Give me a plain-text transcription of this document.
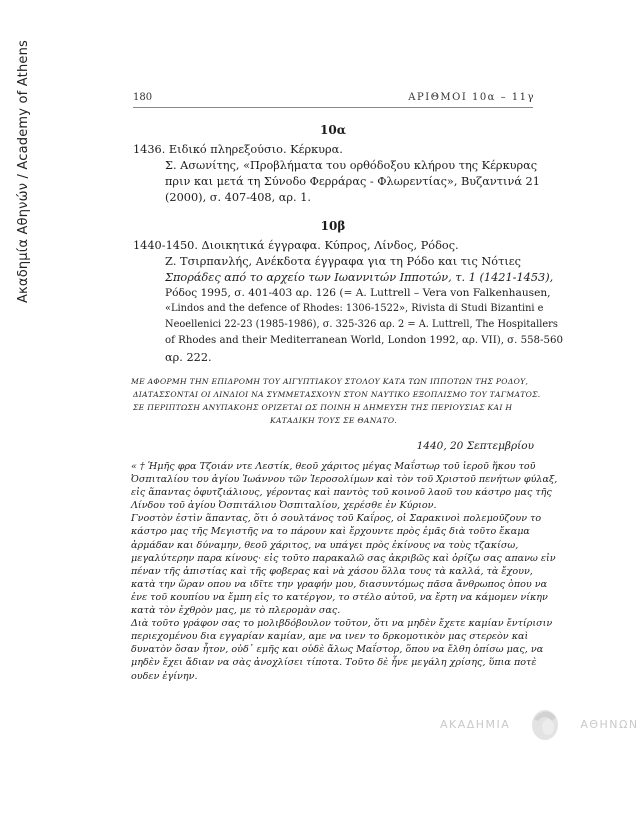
Ακαδημία Αθηνών / Academy of Athens	180	ΑΡΙΘΜΟΙ 10α – 11γ
10α
1436. Ειδικό πληρεξούσιο. Κέρκυρα.
Σ. Ασωνίτης, «Προβλήματα του ορθόδοξου κλήρου της Κέρκυρας
πριν και μετά τη Σύνοδο Φερράρας - Φλωρεντίας», Βυζαντινά 21
(2000), σ. 407-408, αρ. 1.
10β
1440-1450. Διοικητικά έγγραφα. Κύπρος, Λίνδος, Ρόδος.
Ζ. Τσιρπανλής, Ανέκδοτα έγγραφα για τη Ρόδο και τις Νότιες
Σποράδες από το αρχείο των Ιωαννιτών Ιπποτών, τ. 1 (1421-1453),
Ρόδος 1995, σ. 401-403 αρ. 126 (= A. Luttrell – Vera von Falkenhausen,
«Lindos and the defence of Rhodes: 1306-1522», Rivista di Studi Bizantini e
Neoellenici 22-23 (1985-1986), σ. 325-326 αρ. 2 = A. Luttrell, The Hospitallers
of Rhodes and their Mediterranean World, London 1992, αρ. VII), σ. 558-560
αρ. 222.
ΜΕ ΑΦΟΡΜΗ ΤΗΝ ΕΠΙΔΡΟΜΗ ΤΟΥ ΑΙΓΥΠΤΙΑΚΟΥ ΣΤΟΛΟΥ ΚΑΤΑ ΤΩΝ ΙΠΠΟΤΩΝ ΤΗΣ ΡΟΔΟΥ,
ΔΙΑΤΑΣΣΟΝΤΑΙ ΟΙ ΛΙΝΔΙΟΙ ΝΑ ΣΥΜΜΕΤΑΣΧΟΥΝ ΣΤΟΝ ΝΑΥΤΙΚΟ ΕΞΟΠΛΙΣΜΟ ΤΟΥ ΤΑΓΜΑΤΟΣ.
ΣΕ ΠΕΡΙΠΤΩΣΗ ΑΝΥΠΑΚΟΗΣ ΟΡΙΖΕΤΑΙ ΩΣ ΠΟΙΝΗ Η ΔΗΜΕΥΣΗ ΤΗΣ ΠΕΡΙΟΥΣΙΑΣ ΚΑΙ Η
ΚΑΤΑΔΙΚΗ ΤΟΥΣ ΣΕ ΘΑΝΑΤΟ.
1440, 20 Σεπτεμβρίου
« † Ἡμῆς φρα Τζοιάν ντε Λεστίκ, θεοῦ χάριτος μέγας Μαΐστωρ τοῦ ἱεροῦ ἥκου τοῦ
Ὀσπιταλίου του ἁγίου Ἰωάννου τῶν Ἱεροσολίμων καὶ τὸν τοῦ Χριστοῦ πενήτων φύλαξ,
εἰς ἅπαντας ὀφυτζιάλιους, γέροντας καὶ παντὸς τοῦ κοινοῦ λαοῦ του κάστρο μας τῆς
Λίνδου τοῦ ἁγίου Ὀσπιτάλιου Ὀσπιταλίου, χερέσθε ἐν Κύριον.
Γνοστὸν ἐστὶν ἅπαντας, ὅτι ὁ σουλτάνος τοῦ Καΐρος, οἱ Σαρακινοὶ πολεμοῦζουν το
κάστρο μας τῆς Μεγιστῆς να το πάρουν καὶ ἔρχουντε πρὸς ἐμᾶς διὰ τοῦτο ἔκαμα
ἀρμάδαν και δύναμην, θεοῦ χάριτος, να υπάγει πρὸς ἐκίνους να τοὺς τζακίσω,
μεγαλύτερην παρα κίνους· εἰς τοῦτο παρακαλῶ σας ἀκριβῶς καὶ ὁρίζω σας απανω εἰν
πέναν τῆς ἀπιστίας καὶ τῆς φοβερας καὶ νὰ χάσου ὅλλα τους τὰ καλλά, τὰ ἔχουν,
κατὰ την ὥραν οπου να ιδῖτε την γραφήν μου, διασυντόμως πᾶσα ἄνθρωπος ὁπου να
ἐνε τοῦ κουπίου να ἔμπη εἰς το κατέργον, το στέλο αὐτοῦ, να ἔρτη να κάμομεν νίκην
κατὰ τὸν ἐχθρὸν μας, με τὸ πλερομὰν σας.
Διὰ τοῦτο γράφον σας το μολιβδόβουλον τοῦτον, ὅτι να μηδὲν ἔχετε καμίαν ἔντίρισιν
περιεχομένου δια εγγαρίαν καμίαν, αμε να ινεν το δρκομοτικὸν μας στερεὸν καὶ
δυνατὸν ὅσαν ἦτον, οὐδ᾽ εμῆς και οὐδὲ ἄλως Μαΐστορ, ὅπου να ἔλθη ὀπίσω μας, να
μηδὲν ἔχει ἄδιαν να σὰς ἀνοχλίσει τίποτα. Τοῦτο δὲ ἦνε μεγάλη χρίσης, ὕπια ποτὲ
ουδεν ἐγίνην.
ΑΚΑΔΗΜΙΑ	ΑΘΗΝΩΝ
